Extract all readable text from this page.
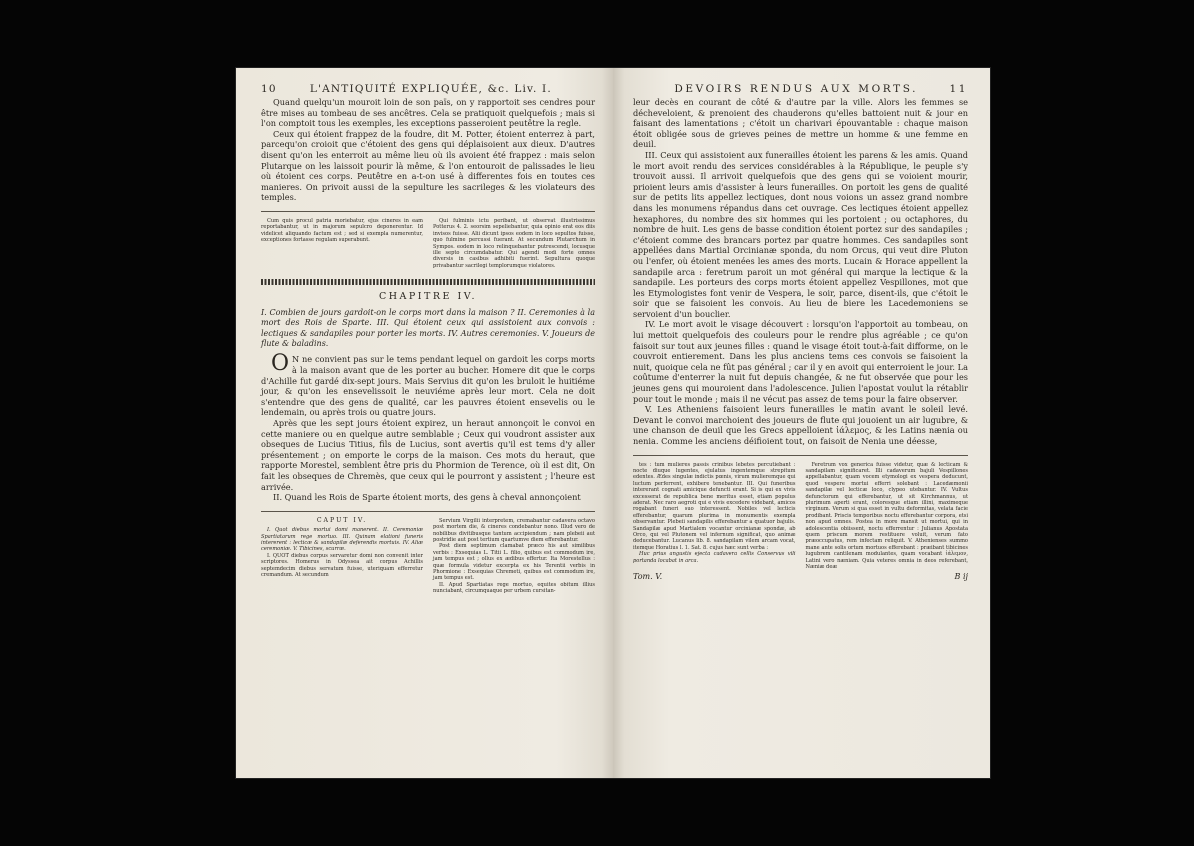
10	L'ANTIQUITÉ EXPLIQUÉE, &c. Liv. I.

Quand quelqu'un mouroit loin de son païs, on y rapportoit ses cendres pour être mises au tombeau de ses ancêtres. Cela se pratiquoit quelquefois ; mais si l'on comptoit tous les exemples, les exceptions passeroient peutêtre la regle.

Ceux qui étoient frappez de la foudre, dit M. Potter, étoient enterrez à part, parcequ'on croioit que c'étoient des gens qui déplaisoient aux dieux. D'autres disent qu'on les enterroit au même lieu où ils avoient été frappez : mais selon Plutarque on les laissoit pourir là même, & l'on entouroit de palissades le lieu où étoient ces corps. Peutêtre en a-t-on usé à differentes fois en toutes ces manieres. On privoit aussi de la sepulture les sacrileges & les violateurs des temples.

Cum quis procul patria moriebatur, ejus cineres in eam reportabantur, ut in majorum sepulcro deponerentur. Id videlicet aliquando factum est ; sed si exempla numerentur, exceptiones fortasse regulam superabunt.

Qui fulminis ictu peribant, ut observat illustrissimus Potterus 4. 2. seorsim sepeliebantur, quia opinio erat eos diis invisos fuisse. Alii dicunt ipsos eodem in loco sepultos fuisse, quo fulmine percussi fuerant. At secundum Plutarchum in Sympos. eodem in loco relinquebantur putrescendi, locusque ille septo circumdabatur. Qui agendi modi forte omnes diversis in casibus adhibiti fuerint. Sepultura quoque privabantur sacrilegi templorumque violatores.

CHAPITRE IV.

I. Combien de jours gardoit-on le corps mort dans la maison ? II. Ceremonies à la mort des Rois de Sparte. III. Qui étoient ceux qui assistoient aux convois : lectiques & sandapiles pour porter les morts. IV. Autres ceremonies. V. Joueurs de flute & baladins.

O N ne convient pas sur le tems pendant lequel on gardoit les corps morts à la maison avant que de les porter au bucher. Homere dit que le corps d'Achille fut gardé dix-sept jours. Mais Servius dit qu'on les bruloit le huitiéme jour, & qu'on les ensevelissoit le neuviéme après leur mort. Cela ne doit s'entendre que des gens de qualité, car les pauvres étoient ensevelis ou le lendemain, ou après trois ou quatre jours.

Après que les sept jours étoient expirez, un heraut annonçoit le convoi en cette maniere ou en quelque autre semblable ; Ceux qui voudront assister aux obseques de Lucius Titius, fils de Lucius, sont avertis qu'il est tems d'y aller présentement ; on emporte le corps de la maison. Ces mots du heraut, que rapporte Morestel, semblent être pris du Phormion de Terence, où il est dit, On fait les obseques de Chremès, que ceux qui le pourront y assistent ; l'heure est arrivée.

II. Quand les Rois de Sparte étoient morts, des gens à cheval annonçoient

CAPUT IV.

I. Quot diebus mortui domi manerent. II. Ceremoniæ Spartiatarum rege mortuo. III. Quinam elationi funeris intererent : lecticæ & sandapilæ deferendis mortuis. IV. Aliæ ceremoniæ. V. Tibicines, scurræ.

I. QUOT diebus corpus servaretur domi non convenit inter scriptores. Homerus in Odyssea ait corpus Achillis septemdecim diebus servatum fuisse, uteriquam efferretur cremandum. At secundum

Servium Virgilii interpretem, cremabantur cadavera octavo post mortem die, & cineres condebantur nono. Illud vero de nobilibus divitibusque tantum accipiendum ; nam plebeii aut postridie aut post tertium quartumve diem efferebantur.

Post diem septimum clamabat præco his aut similibus verbis : Exsequias L. Titii L. filio, quibus est commodum ire, jam tempus est ; ollus ex ædibus effertur. Ita Morestellus : quæ formula videtur excerpta ex his Terentii verbis in Phormione : Exsequias Chremeti, quibus est commodum ire, jam tempus est.

II. Apud Spartiatas rege mortuo, equites obitum illius nunciabant, circumquaque per urbem cursitan-

DEVOIRS RENDUS AUX MORTS.	11

leur decès en courant de côté & d'autre par la ville. Alors les femmes se décheveloient, & prenoient des chauderons qu'elles battoient nuit & jour en faisant des lamentations ; c'étoit un charivari épouvantable : chaque maison étoit obligée sous de grieves peines de mettre un homme & une femme en deuil.

III. Ceux qui assistoient aux funerailles étoient les parens & les amis. Quand le mort avoit rendu des services considérables à la République, le peuple s'y trouvoit aussi. Il arrivoit quelquefois que des gens qui se voioient mourir, prioient leurs amis d'assister à leurs funerailles. On portoit les gens de qualité sur de petits lits appellez lectiques, dont nous voions un assez grand nombre dans les monumens répandus dans cet ouvrage. Ces lectiques étoient appellez hexaphores, du nombre des six hommes qui les portoient ; ou octaphores, du nombre de huit. Les gens de basse condition étoient portez sur des sandapiles ; c'étoient comme des brancars portez par quatre hommes. Ces sandapiles sont appellées dans Martial Orcinianæ sponda, du nom Orcus, qui veut dire Pluton ou l'enfer, où étoient menées les ames des morts. Lucain & Horace appellent la sandapile arca : feretrum paroit un mot général qui marque la lectique & la sandapile. Les porteurs des corps morts étoient appellez Vespillones, mot que les Etymologistes font venir de Vespera, le soir, parce, disent-ils, que c'étoit le soir que se faisoient les convois. Au lieu de biere les Lacedemoniens se servoient d'un bouclier.

IV. Le mort avoit le visage découvert : lorsqu'on l'apportoit au tombeau, on lui mettoit quelquefois des couleurs pour le rendre plus agréable ; ce qu'on faisoit sur tout aux jeunes filles : quand le visage étoit tout-à-fait difforme, on le couvroit entierement. Dans les plus anciens tems ces convois se faisoient la nuit, quoique cela ne fût pas général ; car il y en avoit qui enterroient le jour. La coûtume d'enterrer la nuit fut depuis changée, & ne fut observée que pour les jeunes gens qui mouroient dans l'adolescence. Julien l'apostat voulut la rétablir pour tout le monde ; mais il ne vécut pas assez de tems pour la faire observer.

V. Les Atheniens faisoient leurs funerailles le matin avant le soleil levé. Devant le convoi marchoient des joueurs de flute qui jouoient un air lugubre, & une chanson de deuil que les Grecs appelloient ἰάλεμος, & les Latins nænia ou nenia. Comme les anciens déifioient tout, on faisoit de Nenia une déesse,

tes : tum mulieres passis crinibus lebetes percutiebant : nocte diuque lugentes, ejulatus ingentemque strepitum edentes. Ædes singulæ indictis pœnis, virum mulieremque qui luctum perferrent, exhibere tenebantur. III. Qui funeribus intererant cognati amicique defuncti erant. Si is qui ex vivis excesserat de republica bene meritus esset, etiam populus aderat. Nec raro aegroti qui e vivis excedere videbant, amicos rogabant funeri suo interessent. Nobiles vel lecticis efferebantur, quarum plurima in monumentis exempla observantur. Plebeii sandapilis efferebantur a quatuor bajulis. Sandapilæ apud Martialem vocantur orcinianæ spondæ, ab Orco, qui vel Plutonem vel infernum significat, quo animæ deducebantur. Lucanus lib. 8. sandapilam vilem arcam vocat, itemque Horatius l. 1. Sat. 8. cujus hæc sunt verba :

Huc prius angustis ejecta cadavera cellis Conservus vili portanda locabat in arca.

Feretrum vox generica fuisse videtur, quæ & lecticam & sandapilam significaret. Illi cadaverum bajuli Vespillones appellabantur, quam vocem etymologi ex vespera deducunt, quod vespere mortui efferri solebant : Lacedæmonii sandapilæ vel lecticæ loco, clypeo utebantur. IV. Vultus defunctorum qui efferebantur, ut sit Kirchmannus, ut plurimum aperti erant, coloresque etiam illini, maximeque virginum. Verum si qua esset in vultu deformitas, velata facie prodibant. Priscis temporibus noctu efferebantur corpora, etsi non apud omnes. Postea in more mansit ut mortui, qui in adolescentia obiissent, noctu efferrentur : Julianus Apostata quem priscum morem restituere voluit, verum fato præoccupatus, rem infectam reliquit. V. Athenienses summo mane ante solis ortum mortuos efferebant : præibant tibicines lugubrem cantilenam modulantes, quam vocabant ἰάλεμον, Latini vero næniam. Quia veteres omnia in deos referebant, Næniæ deæ

Tom. V.	B ij
